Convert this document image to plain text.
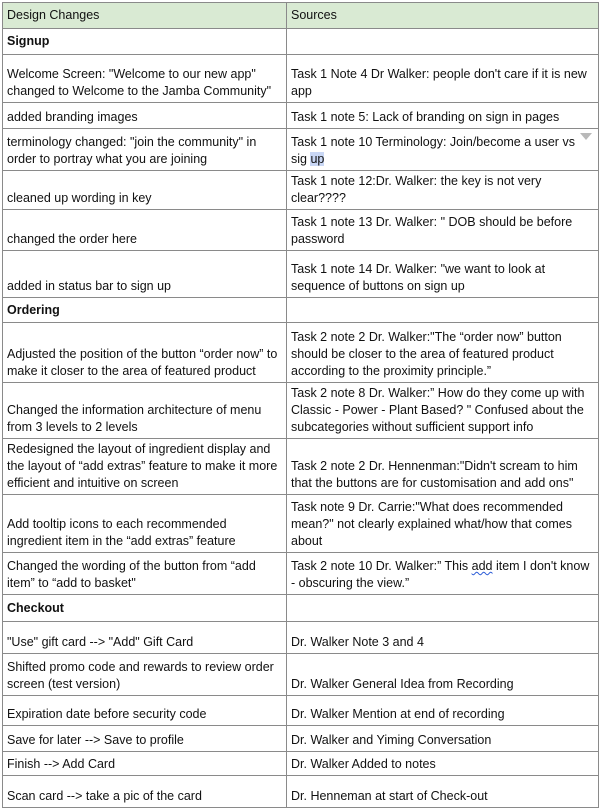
Design Changes	Sources
Signup	
Welcome Screen: "Welcome to our new app" changed to Welcome to the Jamba Community"	Task 1 Note 4 Dr Walker: people don't care if it is new app
added branding images	Task 1 note 5: Lack of branding on sign in pages
terminology changed: "join the community" in order to portray what you are joining	Task 1 note 10 Terminology: Join/become a user vs sig up
cleaned up wording in key	Task 1 note 12:Dr. Walker: the key is not very clear????
changed the order here	Task 1 note 13 Dr. Walker: " DOB should be before password
added in status bar to sign up	Task 1 note 14 Dr. Walker: "we want to look at sequence of buttons on sign up
Ordering	
Adjusted the position of the button “order now” to make it closer to the area of featured product	Task 2 note 2 Dr. Walker:"The “order now” button should be closer to the area of featured product according to the proximity principle.”
Changed the information architecture of menu from 3 levels to 2 levels	Task 2 note 8 Dr. Walker:” How do they come up with Classic - Power - Plant Based? " Confused about the subcategories without sufficient support info
Redesigned the layout of ingredient display and the layout of “add extras” feature to make it more efficient and intuitive on screen	Task 2 note 2 Dr. Hennenman:"Didn't scream to him that the buttons are for customisation and add ons"
Add tooltip icons to each recommended ingredient item in the “add extras” feature	Task note 9 Dr. Carrie:"What does recommended mean?" not clearly explained what/how that comes about
Changed the wording of the button from “add item” to “add to basket"	Task 2 note 10 Dr. Walker:” This add item I don't know - obscuring the view.”
Checkout	
"Use" gift card --> "Add" Gift Card	Dr. Walker Note 3 and 4
Shifted promo code and rewards to review order screen (test version)	Dr. Walker General Idea from Recording
Expiration date before security code	Dr. Walker Mention at end of recording
Save for later --> Save to profile	Dr. Walker and Yiming Conversation
Finish --> Add Card	Dr. Walker Added to notes
Scan card --> take a pic of the card	Dr. Henneman at start of Check-out
